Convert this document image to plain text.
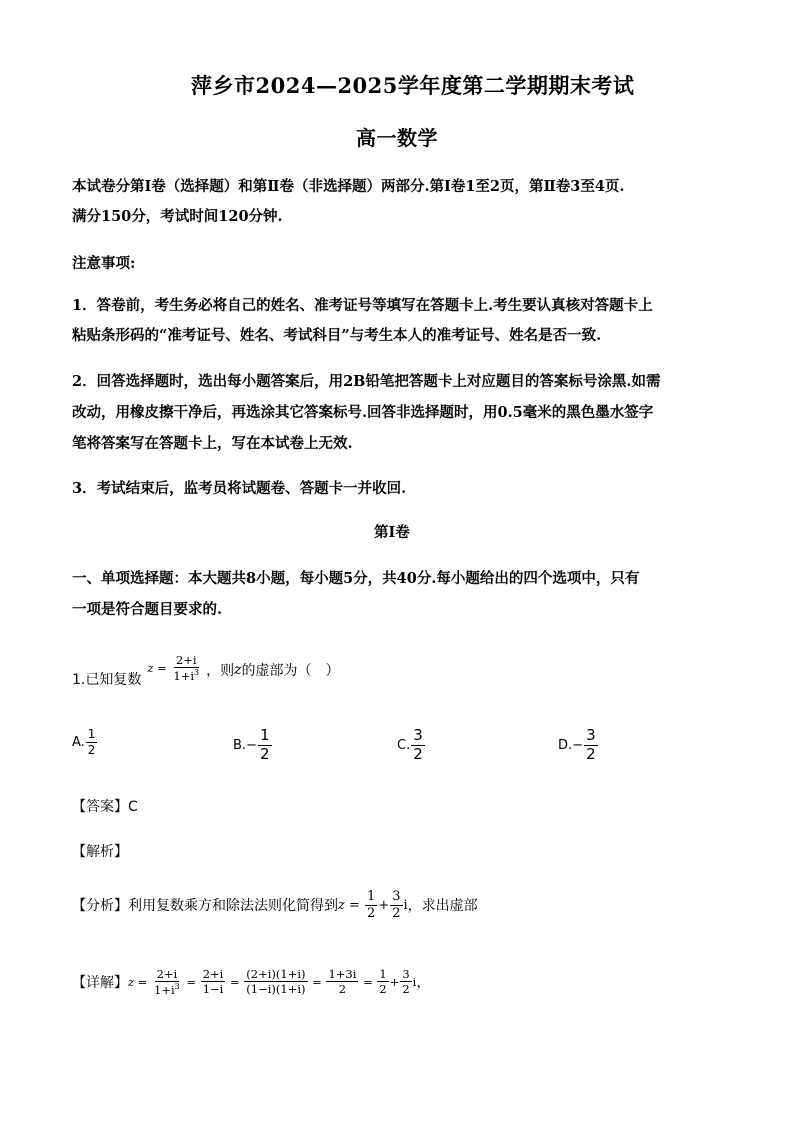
萍乡市2024—2025学年度第二学期期末考试
高一数学
本试卷分第Ⅰ卷（选择题）和第Ⅱ卷（非选择题）两部分.第Ⅰ卷1至2页，第Ⅱ卷3至4页.
满分150分，考试时间120分钟.
注意事项:
1．答卷前，考生务必将自己的姓名、准考证号等填写在答题卡上.考生要认真核对答题卡上
粘贴条形码的“准考证号、姓名、考试科目”与考生本人的准考证号、姓名是否一致.
2．回答选择题时，选出每小题答案后，用2B铅笔把答题卡上对应题目的答案标号涂黑.如需
改动，用橡皮擦干净后，再选涂其它答案标号.回答非选择题时，用0.5毫米的黑色墨水签字
笔将答案写在答题卡上，写在本试卷上无效.
3．考试结束后，监考员将试题卷、答题卡一并收回.
第Ⅰ卷
一、单项选择题：本大题共8小题，每小题5分，共40分.每小题给出的四个选项中，只有
一项是符合题目要求的.
1.已知复数
$z = \frac{2+i}{1+i^3}$ ，则 z 的虚部为（　）
A. $\frac{1}{2}$	B. − $\frac{1}{2}$	C. $\frac{3}{2}$	D. − $\frac{3}{2}$
【答案】C
【解析】
【分析】 利用复数乘方和除法法则化简得到 $z = \frac{1}{2} + \frac{3}{2}$ i ，求出虚部
【详解】 $z = \frac{2+i}{1+i^3} = \frac{2+i}{1-i} = \frac{(2+i)(1+i)}{(1-i)(1+i)} = \frac{1+3i}{2} = \frac{1}{2} + \frac{3}{2}$ i ，
